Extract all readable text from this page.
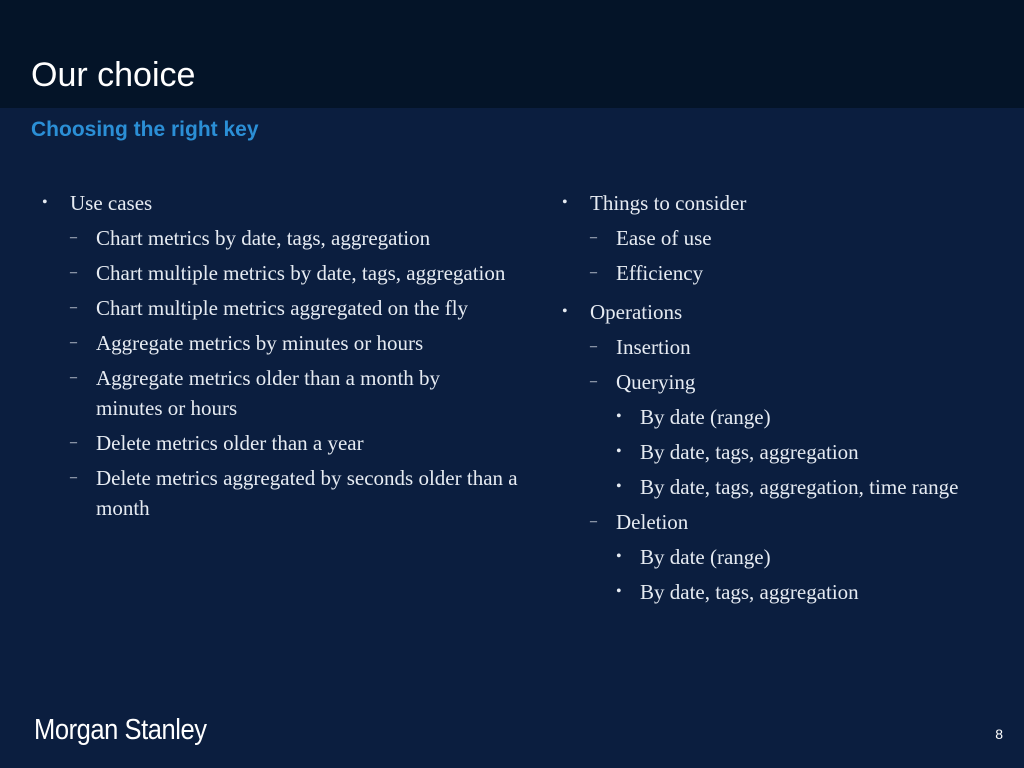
Our choice
Choosing the right key
• Use cases
– Chart metrics by date, tags, aggregation
– Chart multiple metrics by date, tags, aggregation
– Chart multiple metrics aggregated on the fly
– Aggregate metrics by minutes or hours
– Aggregate metrics older than a month by minutes or hours
– Delete metrics older than a year
– Delete metrics aggregated by seconds older than a month
• Things to consider
– Ease of use
– Efficiency
• Operations
– Insertion
– Querying
• By date (range)
• By date, tags, aggregation
• By date, tags, aggregation, time range
– Deletion
• By date (range)
• By date, tags, aggregation
Morgan Stanley	8
